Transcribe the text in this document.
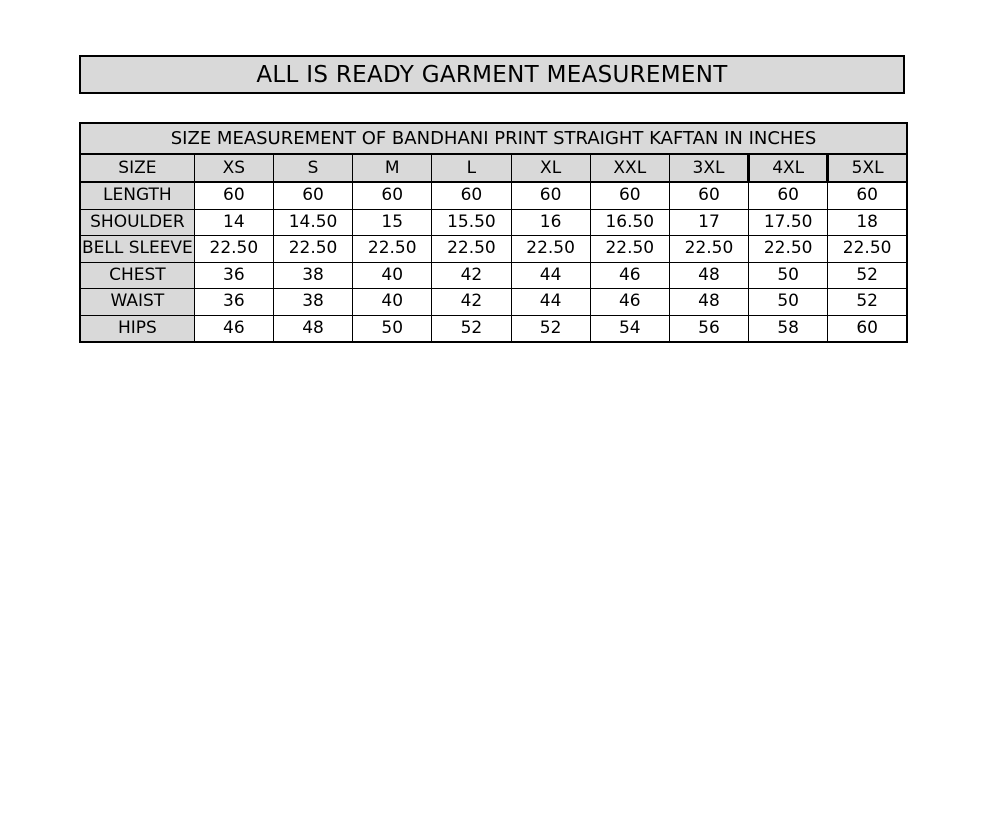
ALL IS READY GARMENT MEASUREMENT
SIZE MEASUREMENT OF BANDHANI PRINT STRAIGHT KAFTAN IN INCHES									
SIZE	XS	S	M	L	XL	XXL	3XL	4XL	5XL
LENGTH	60	60	60	60	60	60	60	60	60
SHOULDER	14	14.50	15	15.50	16	16.50	17	17.50	18
BELL SLEEVE	22.50	22.50	22.50	22.50	22.50	22.50	22.50	22.50	22.50
CHEST	36	38	40	42	44	46	48	50	52
WAIST	36	38	40	42	44	46	48	50	52
HIPS	46	48	50	52	52	54	56	58	60
